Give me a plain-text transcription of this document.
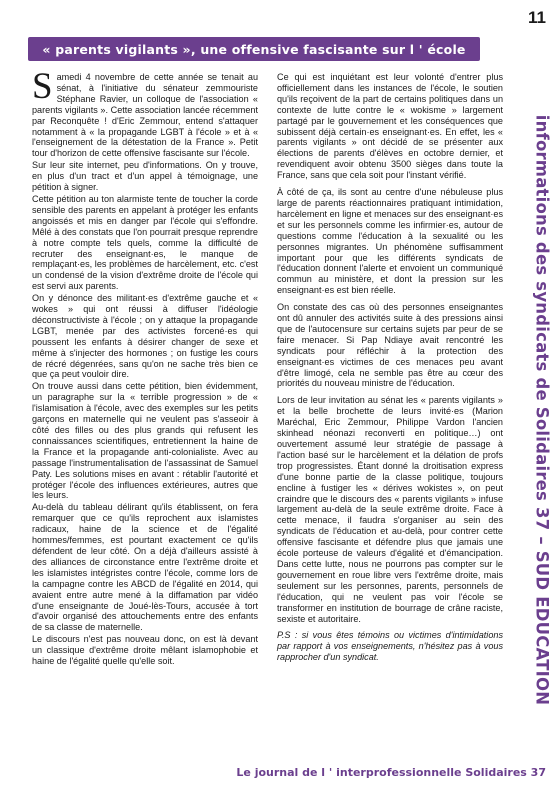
11
« parents vigilants », une offensive fascisante sur l ' école

Samedi 4 novembre de cette année se tenait au sénat, à l'initiative du sénateur zemmouriste Stéphane Ravier, un colloque de l'association « parents vigilants ». Cette association lancée récemment par Reconquête ! d'Eric Zemmour, entend s'attaquer notamment à « la propagande LGBT à l'école » et à « l'enseignement de la détestation de la France ». Petit tour d'horizon de cette offensive fascisante sur l'école.

Sur leur site internet, peu d'informations. On y trouve, en plus d'un tract et d'un appel à témoignage, une pétition à signer.

Cette pétition au ton alarmiste tente de toucher la corde sensible des parents en appelant à protéger les enfants angoissés et mis en danger par l'école qui s'effondre. Mêlé à des constats que l'on pourrait presque reprendre à notre compte tels quels, comme la difficulté de recruter des enseignant·es, le manque de remplaçant·es, les problèmes de harcèlement, etc. c'est un condensé de la vision d'extrême droite de l'école qui est servi aux parents.

On y dénonce des militant·es d'extrême gauche et « wokes » qui ont réussi à diffuser l'idéologie déconstructiviste à l'école ; on y attaque la propagande LGBT, menée par des activistes forcené·es qui poussent les enfants à désirer changer de sexe et même à s'injecter des hormones ; on fustige les cours de récré dégenrées, sans qu'on ne sache très bien ce que ça peut vouloir dire.

On trouve aussi dans cette pétition, bien évidemment, un paragraphe sur la « terrible progression » de « l'islamisation à l'école, avec des exemples sur les petits garçons en maternelle qui ne veulent pas s'asseoir à côté des filles ou des plus grands qui refusent les connaissances scientifiques, entretiennent la haine de la France et la propagande anti-colonialiste. Avec au passage l'instrumentalisation de l'assassinat de Samuel Paty. Les solutions mises en avant : rétablir l'autorité et protéger l'école des influences extérieures, autres que les leurs.

Au-delà du tableau délirant qu'ils établissent, on fera remarquer que ce qu'ils reprochent aux islamistes radicaux, haine de la science et de l'égalité hommes/femmes, est pourtant exactement ce qu'ils défendent de leur côté. On a déjà d'ailleurs assisté à des alliances de circonstance entre l'extrême droite et les islamistes intégristes contre l'école, comme lors de la campagne contre les ABCD de l'égalité en 2014, qui avaient entre autre mené à la diffamation par vidéo d'une enseignante de Joué-lès-Tours, accusée à tort d'avoir organisé des attouchements entre des enfants de sa classe de maternelle.

Le discours n'est pas nouveau donc, on est là devant un classique d'extrême droite mêlant islamophobie et haine de l'égalité quelle qu'elle soit.

Ce qui est inquiétant est leur volonté d'entrer plus officiellement dans les instances de l'école, le soutien qu'ils reçoivent de la part de certains politiques dans un contexte de lutte contre le « wokisme » largement partagé par le gouvernement et les conséquences que subissent déjà certain·es enseignant·es. En effet, les « parents vigilants » ont décidé de se présenter aux élections de parents d'élèves en octobre dernier, et revendiquent avoir obtenu 3500 sièges dans toute la France, sans que cela soit pour l'instant vérifié.

À côté de ça, ils sont au centre d'une nébuleuse plus large de parents réactionnaires pratiquant intimidation, harcèlement en ligne et menaces sur des enseignant·es et sur les personnels comme les infirmier·es, autour de questions comme l'éducation à la sexualité ou les personnes migrantes. Un phénomène suffisamment important pour que les différents syndicats de l'éducation donnent l'alerte et envoient un communiqué commun au ministère, et dont la pression sur les enseignant·es est bien réelle.

On constate des cas où des personnes enseignantes ont dû annuler des activités suite à des pressions ainsi que de l'autocensure sur certains sujets par peur de se faire menacer. Si Pap Ndiaye avait rencontré les syndicats pour réfléchir à la protection des enseignant·es victimes de ces menaces peu avant d'être limogé, cela ne semble pas être au cœur des priorités du nouveau ministre de l'éducation.

Lors de leur invitation au sénat les « parents vigilants » et la belle brochette de leurs invité·es (Marion Maréchal, Eric Zemmour, Philippe Vardon l'ancien skinhead néonazi reconverti en politique…) ont ouvertement assumé leur stratégie de passage à l'action basé sur le harcèlement et la délation de profs trop progressistes. Étant donné la droitisation express d'une bonne partie de la classe politique, toujours encline à fustiger les « dérives wokistes », on peut craindre que le discours des « parents vigilants » infuse largement au-delà de la seule extrême droite. Face à cette menace, il faudra s'organiser au sein des syndicats de l'éducation et au-delà, pour contrer cette offensive fascisante et défendre plus que jamais une école porteuse de valeurs d'égalité et d'émancipation. Dans cette lutte, nous ne pourrons pas compter sur le gouvernement en roue libre vers l'extrême droite, mais seulement sur les personnes, parents, personnels de l'éducation, qui ne veulent pas voir l'école se transformer en institution de bourrage de crâne raciste, sexiste et autoritaire.

P.S : si vous êtes témoins ou victimes d'intimidations par rapport à vos enseignements, n'hésitez pas à vous rapprocher d'un syndicat.	informations des syndicats de Solidaires 37 – SUD EDUCATION
Le journal de l ' interprofessionnelle Solidaires 37
